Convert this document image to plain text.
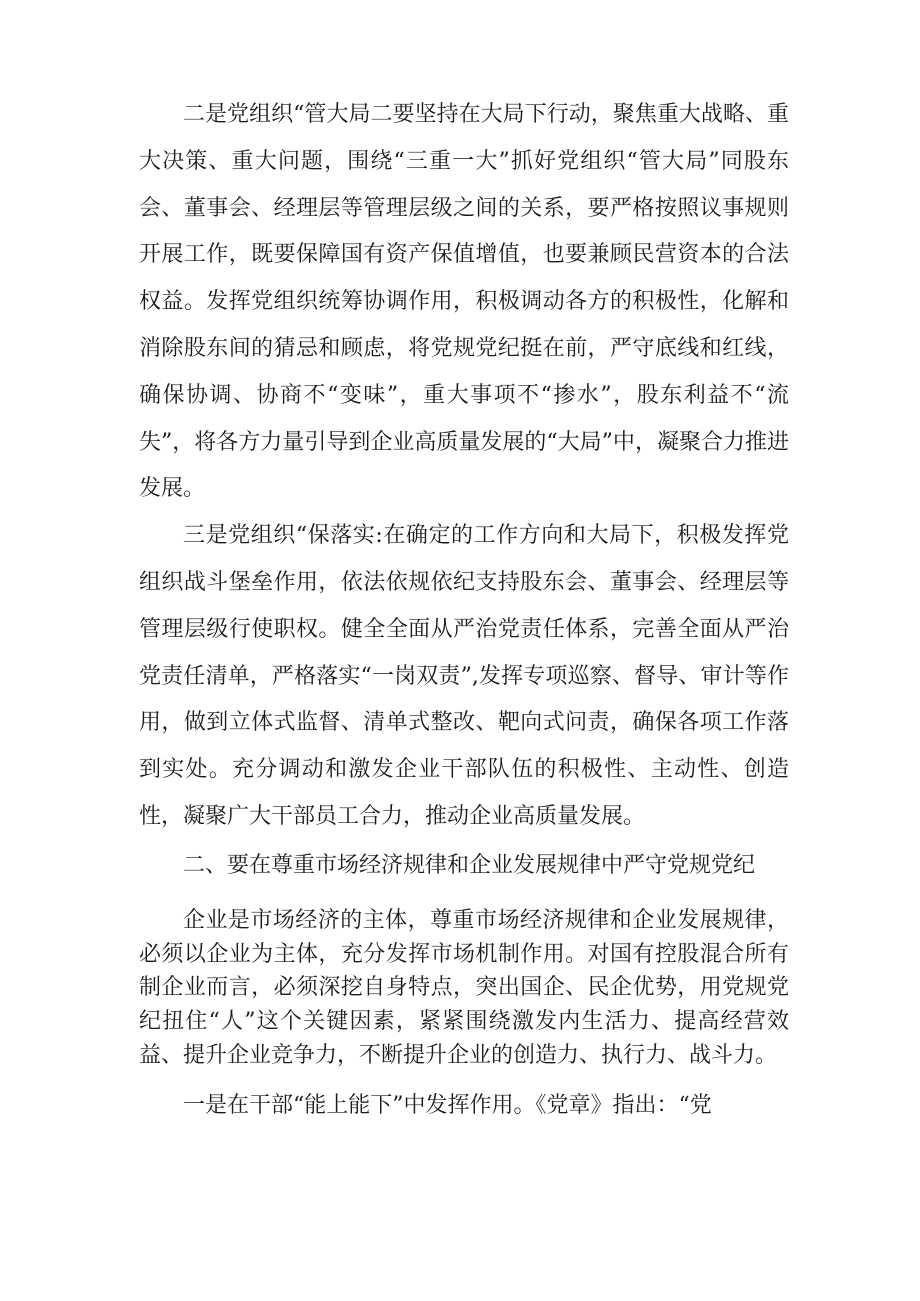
二是党组织“管大局二要坚持在大局下行动，聚焦重大战略、重大决策、重大问题，围绕“三重一大”抓好党组织“管大局”同股东会、董事会、经理层等管理层级之间的关系，要严格按照议事规则开展工作，既要保障国有资产保值增值，也要兼顾民营资本的合法权益。发挥党组织统筹协调作用，积极调动各方的积极性，化解和消除股东间的猜忌和顾虑，将党规党纪挺在前，严守底线和红线，确保协调、协商不“变味”，重大事项不“掺水”，股东利益不“流失”，将各方力量引导到企业高质量发展的“大局”中，凝聚合力推进发展。

三是党组织“保落实:在确定的工作方向和大局下，积极发挥党组织战斗堡垒作用，依法依规依纪支持股东会、董事会、经理层等管理层级行使职权。健全全面从严治党责任体系，完善全面从严治党责任清单，严格落实“一岗双责”,发挥专项巡察、督导、审计等作用，做到立体式监督、清单式整改、靶向式问责，确保各项工作落到实处。充分调动和激发企业干部队伍的积极性、主动性、创造性，凝聚广大干部员工合力，推动企业高质量发展。

二、要在尊重市场经济规律和企业发展规律中严守党规党纪

企业是市场经济的主体，尊重市场经济规律和企业发展规律，必须以企业为主体，充分发挥市场机制作用。对国有控股混合所有制企业而言，必须深挖自身特点，突出国企、民企优势，用党规党纪扭住“人”这个关键因素，紧紧围绕激发内生活力、提高经营效益、提升企业竞争力，不断提升企业的创造力、执行力、战斗力。

一是在干部“能上能下”中发挥作用。《党章》指出：“党
